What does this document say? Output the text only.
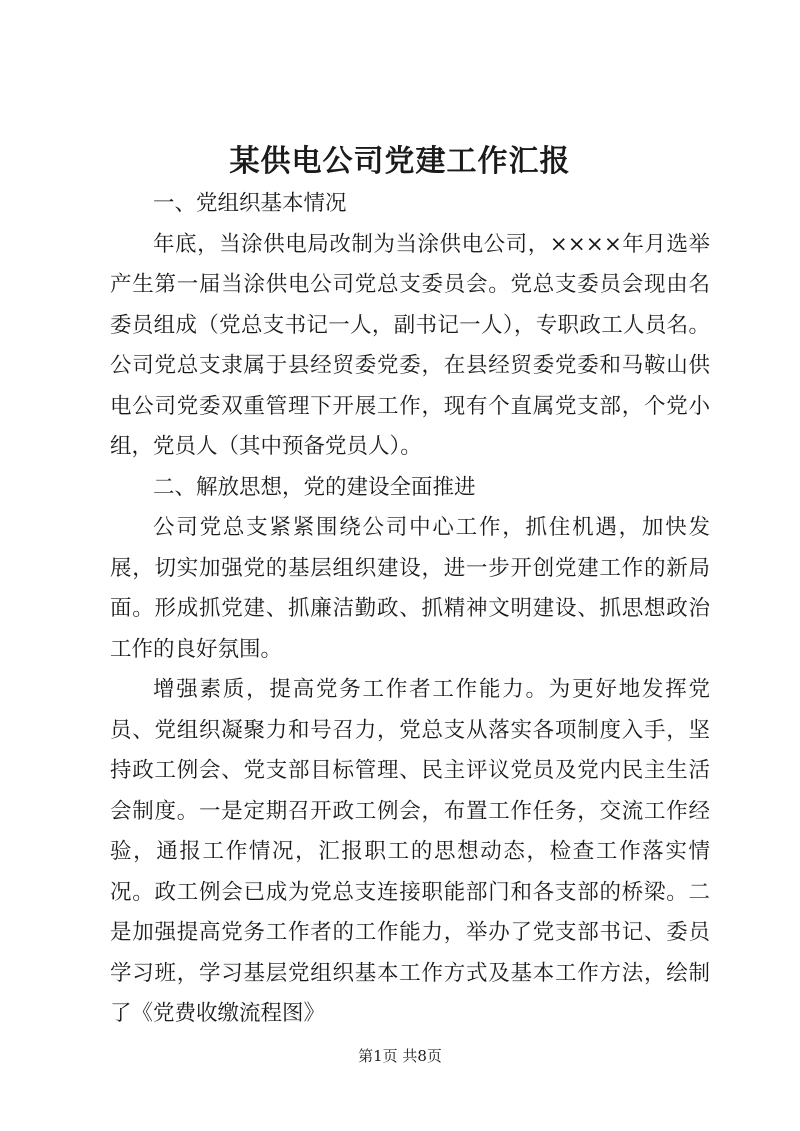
某供电公司党建工作汇报

一、党组织基本情况

年底，当涂供电局改制为当涂供电公司，××××年月选举产生第一届当涂供电公司党总支委员会。党总支委员会现由名委员组成（党总支书记一人，副书记一人），专职政工人员名。公司党总支隶属于县经贸委党委，在县经贸委党委和马鞍山供电公司党委双重管理下开展工作，现有个直属党支部，个党小组，党员人（其中预备党员人）。

二、解放思想，党的建设全面推进

公司党总支紧紧围绕公司中心工作，抓住机遇，加快发展，切实加强党的基层组织建设，进一步开创党建工作的新局面。形成抓党建、抓廉洁勤政、抓精神文明建设、抓思想政治工作的良好氛围。

增强素质，提高党务工作者工作能力。为更好地发挥党员、党组织凝聚力和号召力，党总支从落实各项制度入手，坚持政工例会、党支部目标管理、民主评议党员及党内民主生活会制度。一是定期召开政工例会，布置工作任务，交流工作经验，通报工作情况，汇报职工的思想动态，检查工作落实情况。政工例会已成为党总支连接职能部门和各支部的桥梁。二是加强提高党务工作者的工作能力，举办了党支部书记、委员学习班，学习基层党组织基本工作方式及基本工作方法，绘制了《党费收缴流程图》

第1页 共8页
